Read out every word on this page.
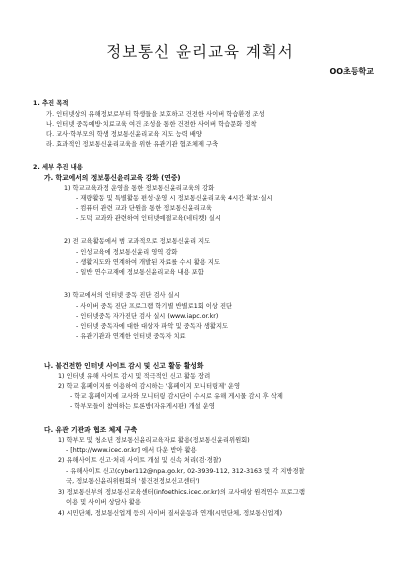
정보통신 윤리교육 계획서
OO초등학교
1. 추진 목적
가. 인터넷상의 유해정보로부터 학생들을 보호하고 건전한 사이버 학습환경 조성
나. 인터넷 중독예방·치료교육 여건 조성을 통한 건전한 사이버 학습문화 정착
다. 교사·학부모의 학생 정보통신윤리교육 지도 능력 배양
라. 효과적인 정보통신윤리교육을 위한 유관기관 협조체제 구축
2. 세부 추진 내용
가. 학교에서의 정보통신윤리교육 강화 (연중)
1) 학교교육과정 운영을 통한 정보통신윤리교육의 강화
- 재량활동 및 특별활동 편성·운영 시 정보통신윤리교육 4시간 확보·실시
- 컴퓨터 관련 교과 단원을 통한 정보통신윤리교육
- 도덕 교과와 관련하여 인터넷예절교육(네티켓) 실시
2) 전 교육활동에서 범 교과적으로 정보통신윤리 지도
- 인성교육에 정보통신윤리 영역 강화
- 생활지도와 연계하여 개발된 자료를 수시 활용 지도
- 일반 연수교재에 정보통신윤리교육 내용 포함
3) 학교에서의 인터넷 중독 진단 검사 실시
- 사이버 중독 진단 프로그램 학기별 반별로1회 이상 진단
- 인터넷중독 자가진단 검사 실시 (www.iapc.or.kr)
- 인터넷 중독자에 대한 대상자 파악 및 중독자 생활지도
- 유관기관과 연계한 인터넷 중독자 치료
나. 불건전한 인터넷 사이트 감시 및 신고 활동 활성화
1) 인터넷 유해 사이트 감시 및 적극적인 신고 활동 장려
2) 학교 홈페이지를 이용하여 감시하는 '홈페이지 모니터링제' 운영
- 학교 홈페이지에 교사와 모니터링 감시단이 수시로 유해 게시물 감시 후 삭제
- 학부모들이 참여하는 토론방(자유게시판) 개설 운영
다. 유관 기관과 협조 체제 구축
1) 학부모 및 청소년 정보통신윤리교육자료 활용(정보통신윤리위원회)
- [http://www.icec.or.kr] 에서 다운 받아 활용
2) 유해사이트 신고·처리 사이트 개설 및 신속 처리(검·경찰)
- 유해사이트 신고(cyber112@npa.go.kr, 02-3939-112, 312-3163 및 각 지방경찰
국, 정보통신윤리위원회의 '불건전정보신고센터')
3) 정보통신부의 정보통신교육센터(infoethics.icec.or.kr)의 교사대상 원격연수 프로그램
이용 및 사이버 상담사 활용
4) 시민단체, 정보통신업계 등의 사이버 질서운동과 연계(시민단체, 정보통신업계)
